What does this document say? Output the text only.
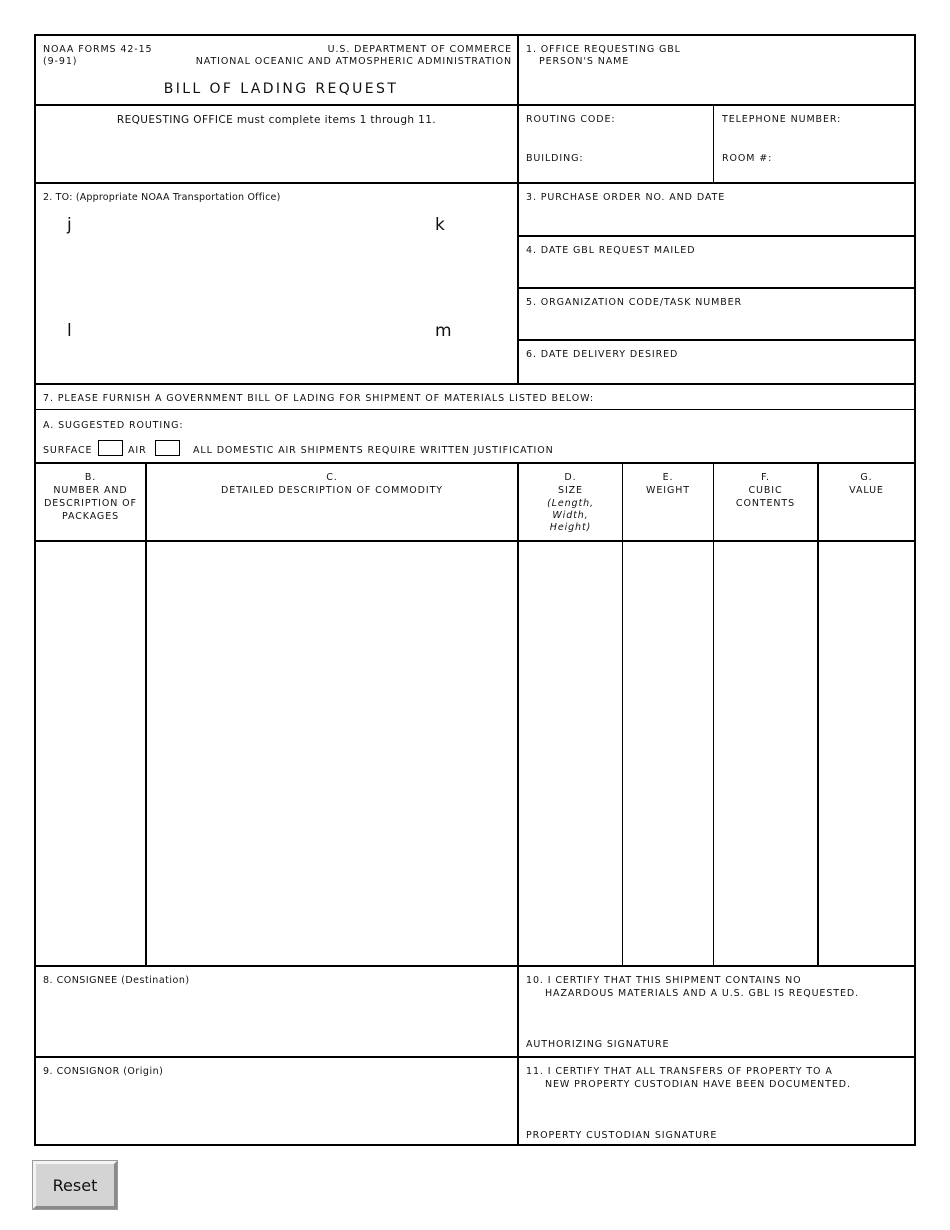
NOAA FORMS 42-15
(9-91)
U.S. DEPARTMENT OF COMMERCE
NATIONAL OCEANIC AND ATMOSPHERIC ADMINISTRATION
BILL OF LADING REQUEST
1. OFFICE REQUESTING GBL
PERSON'S NAME
REQUESTING OFFICE must complete items 1 through 11.	ROUTING CODE:	TELEPHONE NUMBER:
BUILDING:	ROOM #:
2. TO: (Appropriate NOAA Transportation Office)
j	k
l	m
3. PURCHASE ORDER NO. AND DATE
4. DATE GBL REQUEST MAILED
5. ORGANIZATION CODE/TASK NUMBER
6. DATE DELIVERY DESIRED
7. PLEASE FURNISH A GOVERNMENT BILL OF LADING FOR SHIPMENT OF MATERIALS LISTED BELOW:
A. SUGGESTED ROUTING:
SURFACE	AIR	ALL DOMESTIC AIR SHIPMENTS REQUIRE WRITTEN JUSTIFICATION
B.
NUMBER AND
DESCRIPTION OF
PACKAGES
C.
DETAILED DESCRIPTION OF COMMODITY
D.
SIZE
(Length,
Width,
Height)
E.
WEIGHT
F.
CUBIC
CONTENTS
G.
VALUE
8. CONSIGNEE (Destination)	10. I CERTIFY THAT THIS SHIPMENT CONTAINS NO
HAZARDOUS MATERIALS AND A U.S. GBL IS REQUESTED.
AUTHORIZING SIGNATURE
9. CONSIGNOR (Origin)	11. I CERTIFY THAT ALL TRANSFERS OF PROPERTY TO A
NEW PROPERTY CUSTODIAN HAVE BEEN DOCUMENTED.
PROPERTY CUSTODIAN SIGNATURE
Reset
